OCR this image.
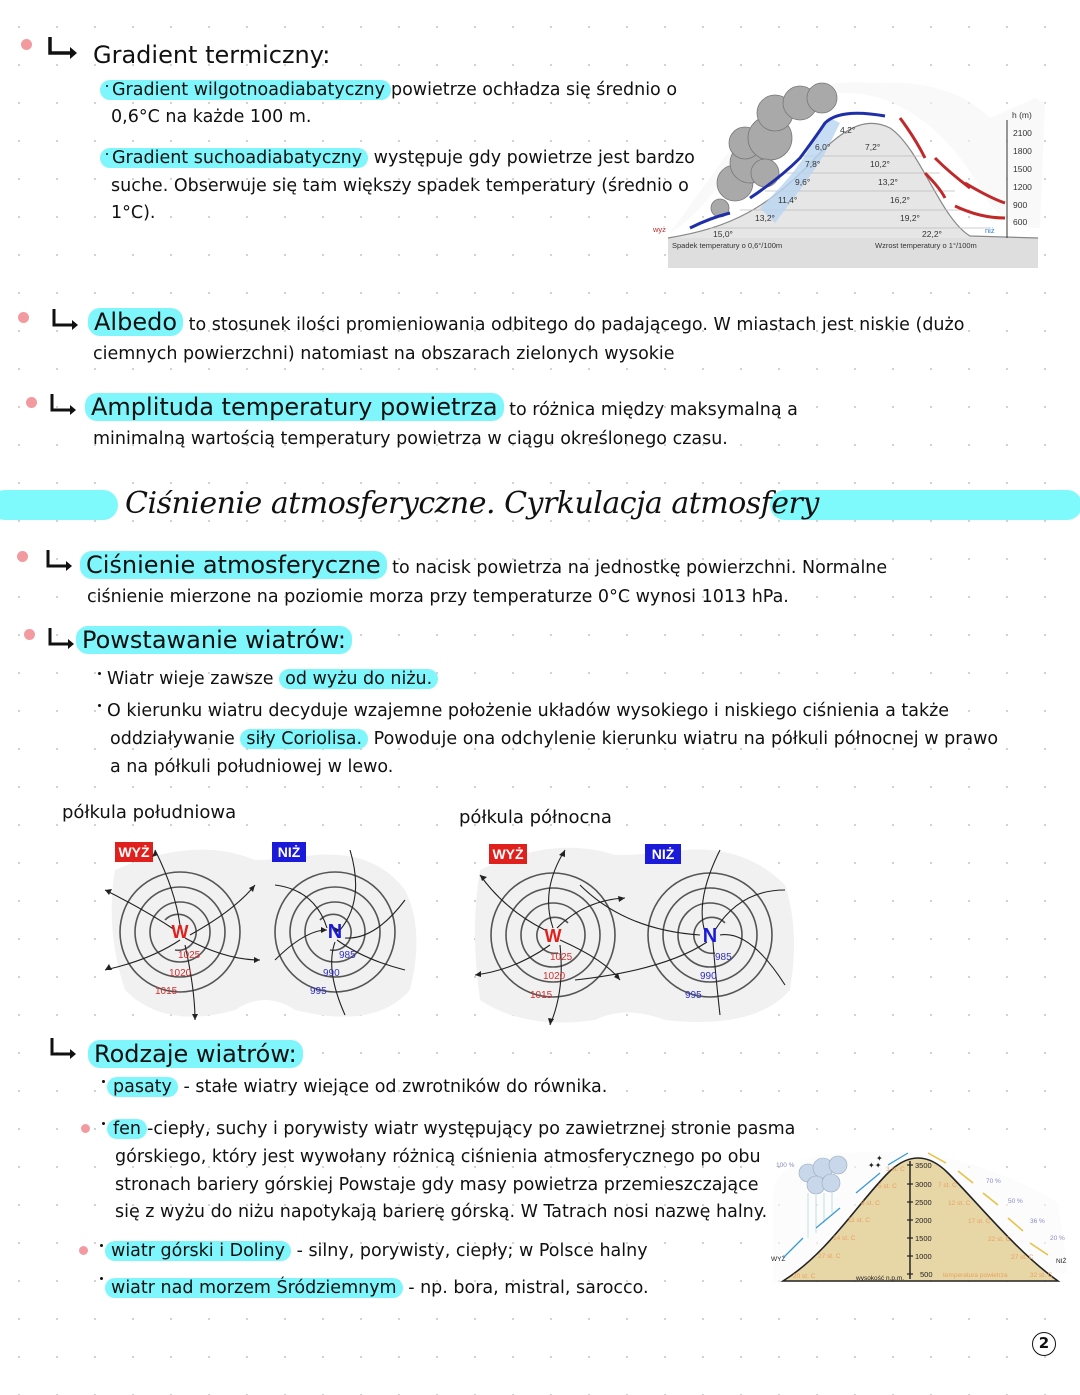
Gradient termiczny:
Gradient wilgotnoadiabatyczny powietrze ochładza się średnio o
0,6°C na każde 100 m.
Gradient suchoadiabatyczny występuje gdy powietrze jest bardzo
suche. Obserwuje się tam większy spadek temperatury (średnio o
1°C).
15,0°
13,2°
11,4°
9,6°
7,8°
6,0°
4,2°
7,2°
10,2°
13,2°
16,2°
19,2°
22,2°
Spadek temperatury o 0,6°/100m	Wzrost temperatury o 1°/100m
h (m)
2100
1800
1500
1200
900
600
wyż	niż
Albedo to stosunek ilości promieniowania odbitego do padającego. W miastach jest niskie (dużo
ciemnych powierzchni) natomiast na obszarach zielonych wysokie
Amplituda temperatury powietrza to różnica między maksymalną a
minimalną wartością temperatury powietrza w ciągu określonego czasu.
Ciśnienie atmosferyczne. Cyrkulacja atmosfery
Ciśnienie atmosferyczne to nacisk powietrza na jednostkę powierzchni. Normalne
ciśnienie mierzone na poziomie morza przy temperaturze 0°C wynosi 1013 hPa.
Powstawanie wiatrów:
Wiatr wieje zawsze od wyżu do niżu.
O kierunku wiatru decyduje wzajemne położenie układów wysokiego i niskiego ciśnienia a także
oddziaływanie siły Coriolisa. Powoduje ona odchylenie kierunku wiatru na półkuli północnej w prawo
a na półkuli południowej w lewo.
półkula południowa	półkula północna
WYŻ	NIŻ
W	N
1025
1020
1015
985
990
995
WYŻ	NIŻ
W	N
1025
1020
1015
985
990
995
Rodzaje wiatrów:
pasaty - stałe wiatry wiejące od zwrotników do równika.
fen -ciepły, suchy i porywisty wiatr występujący po zawietrznej stronie pasma
górskiego, który jest wywołany różnicą ciśnienia atmosferycznego po obu
stronach bariery górskiej Powstaje gdy masy powietrza przemieszczające
się z wyżu do niżu napotykają barierę górską. W Tatrach nosi nazwę halny.
wiatr górski i Doliny - silny, porywisty, ciepły; w Polsce halny
wiatr nad morzem Śródziemnym - np. bora, mistral, sarocco.
3500
3000
2500
2000
1500
1000
500
wysokość n.p.m.
WYŻ	NIŻ
20 st. C
27 st. C
14 st. C
11 st. C
8 st. C
5 st. C
3 st. C
7 st. C
12 st. C
17 st. C
22 st. C
27 st. C
32 st. C
temperatura powietrza
100 %
70 %
50 %
36 %
20 %
✦✦
✦
2
